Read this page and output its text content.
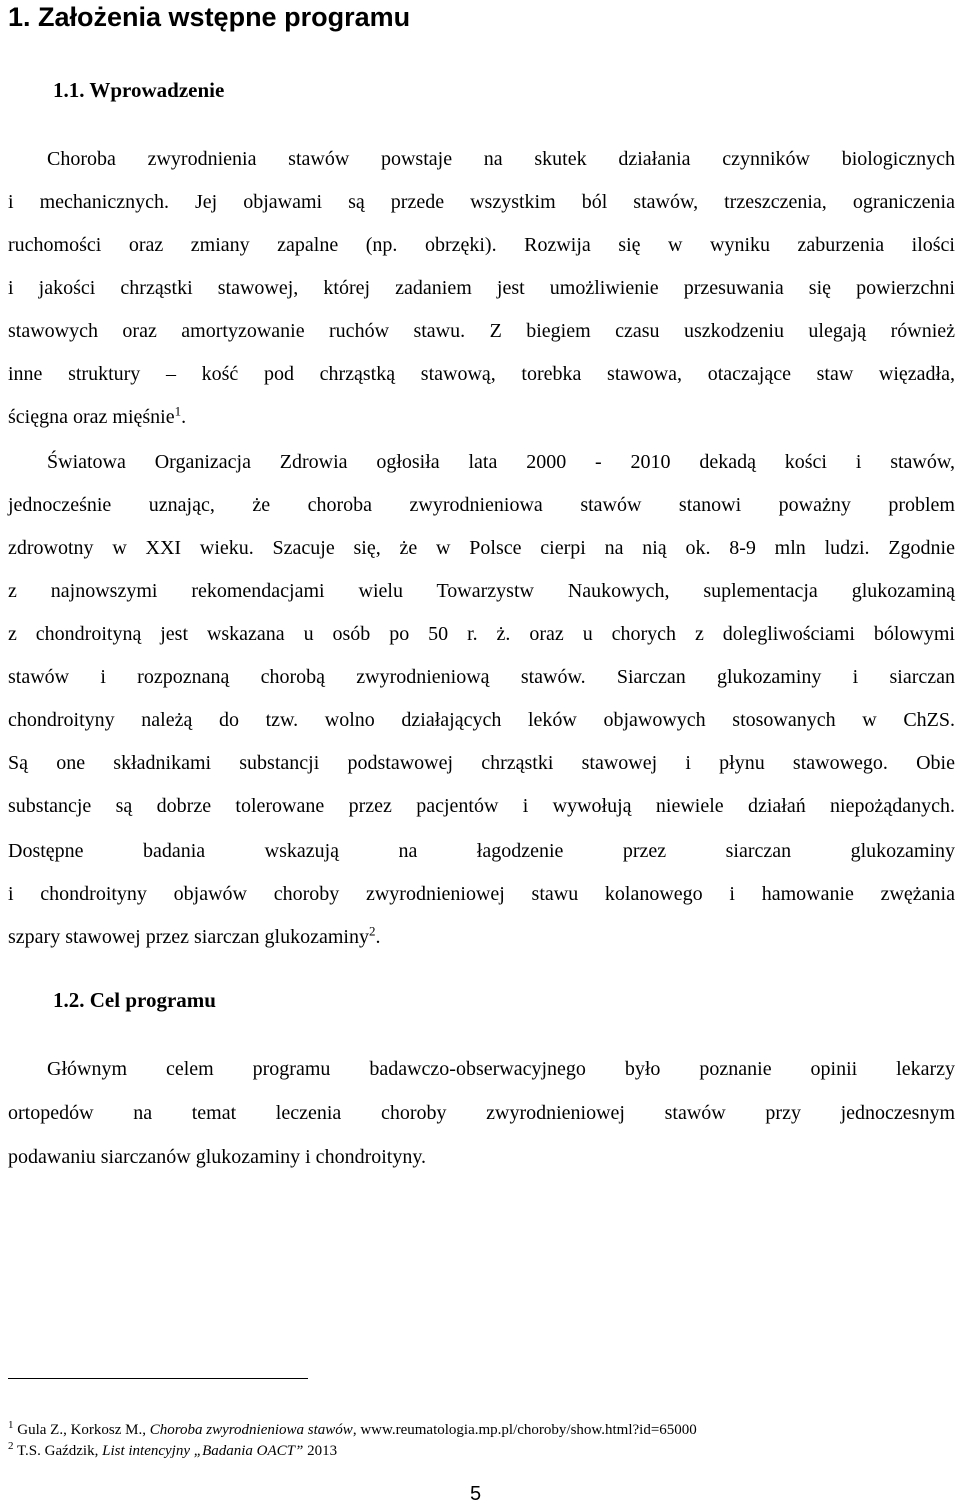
1. Założenia wstępne programu
1.1. Wprowadzenie
Choroba zwyrodnienia stawów powstaje na skutek działania czynników biologicznych
i mechanicznych. Jej objawami są przede wszystkim ból stawów, trzeszczenia, ograniczenia
ruchomości oraz zmiany zapalne (np. obrzęki). Rozwija się w wyniku zaburzenia ilości
i jakości chrząstki stawowej, której zadaniem jest umożliwienie przesuwania się powierzchni
stawowych oraz amortyzowanie ruchów stawu. Z biegiem czasu uszkodzeniu ulegają również
inne struktury – kość pod chrząstką stawową, torebka stawowa, otaczające staw więzadła,
ścięgna oraz mięśnie$^1$.
Światowa Organizacja Zdrowia ogłosiła lata 2000 - 2010 dekadą kości i stawów,
jednocześnie uznając, że choroba zwyrodnieniowa stawów stanowi poważny problem
zdrowotny w XXI wieku. Szacuje się, że w Polsce cierpi na nią ok. 8-9 mln ludzi. Zgodnie
z najnowszymi rekomendacjami wielu Towarzystw Naukowych, suplementacja glukozaminą
z chondroityną jest wskazana u osób po 50 r. ż. oraz u chorych z dolegliwościami bólowymi
stawów i rozpoznaną chorobą zwyrodnieniową stawów. Siarczan glukozaminy i siarczan
chondroityny należą do tzw. wolno działających leków objawowych stosowanych w ChZS.
Są one składnikami substancji podstawowej chrząstki stawowej i płynu stawowego. Obie
substancje są dobrze tolerowane przez pacjentów i wywołują niewiele działań niepożądanych.
Dostępne badania wskazują na łagodzenie przez siarczan glukozaminy
i chondroityny objawów choroby zwyrodnieniowej stawu kolanowego i hamowanie zwężania
szpary stawowej przez siarczan glukozaminy$^2$.
1.2. Cel programu
Głównym celem programu badawczo-obserwacyjnego było poznanie opinii lekarzy
ortopedów na temat leczenia choroby zwyrodnieniowej stawów przy jednoczesnym
podawaniu siarczanów glukozaminy i chondroityny.
$^1$ Gula Z., Korkosz M., Choroba zwyrodnieniowa stawów, www.reumatologia.mp.pl/choroby/show.html?id=65000
$^2$ T.S. Gaździk, List intencyjny „Badania OACT” 2013
5
